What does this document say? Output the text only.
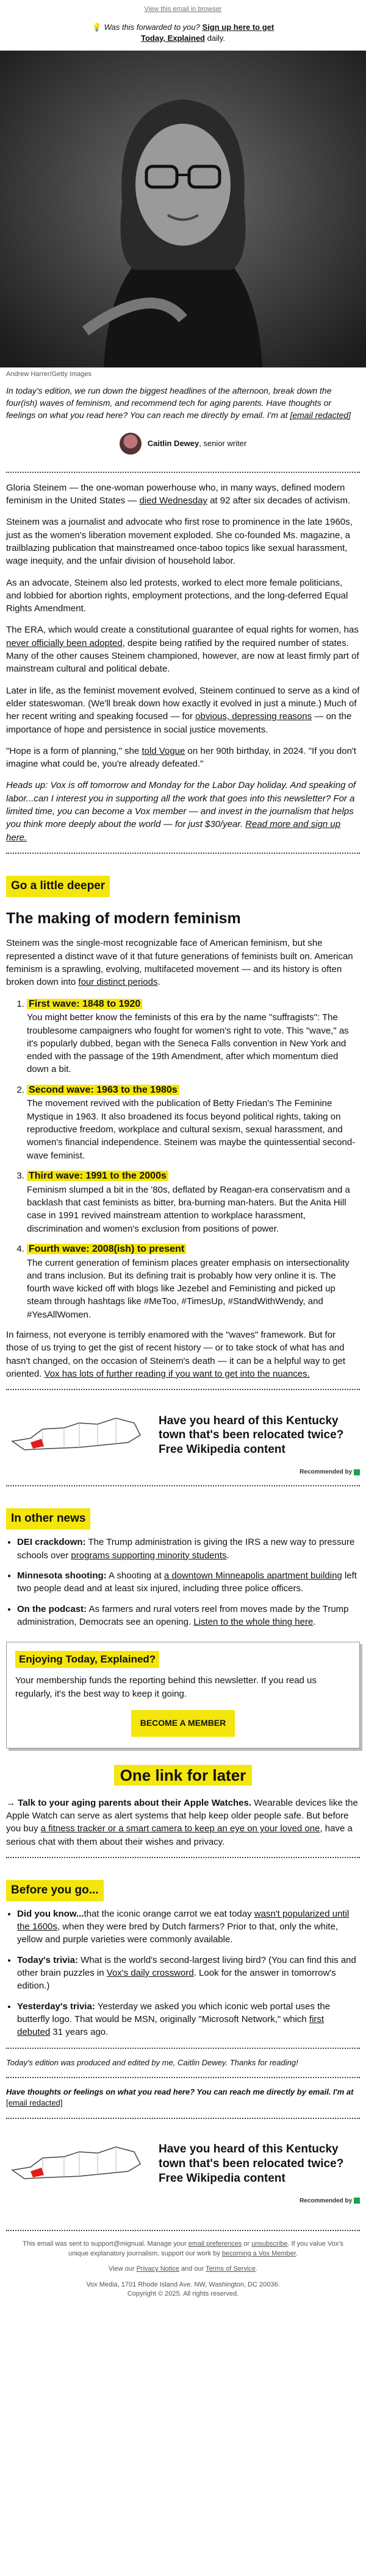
View this email in browser
💡 Was this forwarded to you? Sign up here to get Today, Explained daily.
Andrew Harrer/Getty Images
In today's edition, we run down the biggest headlines of the afternoon, break down the four(ish) waves of feminism, and recommend tech for aging parents. Have thoughts or feelings on what you read here? You can reach me directly by email. I'm at [email redacted]
Caitlin Dewey, senior writer

Gloria Steinem — the one-woman powerhouse who, in many ways, defined modern feminism in the United States — died Wednesday at 92 after six decades of activism.

Steinem was a journalist and advocate who first rose to prominence in the late 1960s, just as the women's liberation movement exploded. She co-founded Ms. magazine, a trailblazing publication that mainstreamed once-taboo topics like sexual harassment, wage inequity, and the unfair division of household labor.

As an advocate, Steinem also led protests, worked to elect more female politicians, and lobbied for abortion rights, employment protections, and the long-deferred Equal Rights Amendment.

The ERA, which would create a constitutional guarantee of equal rights for women, has never officially been adopted, despite being ratified by the required number of states. Many of the other causes Steinem championed, however, are now at least firmly part of mainstream cultural and political debate.

Later in life, as the feminist movement evolved, Steinem continued to serve as a kind of elder stateswoman. (We'll break down how exactly it evolved in just a minute.) Much of her recent writing and speaking focused — for obvious, depressing reasons — on the importance of hope and persistence in social justice movements.

"Hope is a form of planning," she told Vogue on her 90th birthday, in 2024. "If you don't imagine what could be, you're already defeated."

Heads up: Vox is off tomorrow and Monday for the Labor Day holiday. And speaking of labor...can I interest you in supporting all the work that goes into this newsletter? For a limited time, you can become a Vox member — and invest in the journalism that helps you think more deeply about the world — for just $30/year. Read more and sign up here.

Go a little deeper
The making of modern feminism

Steinem was the single-most recognizable face of American feminism, but she represented a distinct wave of it that future generations of feminists built on. American feminism is a sprawling, evolving, multifaceted movement — and its history is often broken down into four distinct periods.

1. First wave: 1848 to 1920
You might better know the feminists of this era by the name "suffragists": The troublesome campaigners who fought for women's right to vote. This "wave," as it's popularly dubbed, began with the Seneca Falls convention in New York and ended with the passage of the 19th Amendment, after which momentum died down a bit.
2. Second wave: 1963 to the 1980s
The movement revived with the publication of Betty Friedan's The Feminine Mystique in 1963. It also broadened its focus beyond political rights, taking on reproductive freedom, workplace and cultural sexism, sexual harassment, and women's financial independence. Steinem was maybe the quintessential second-wave feminist.
3. Third wave: 1991 to the 2000s
Feminism slumped a bit in the '80s, deflated by Reagan-era conservatism and a backlash that cast feminists as bitter, bra-burning man-haters. But the Anita Hill case in 1991 revived mainstream attention to workplace harassment, discrimination and women's exclusion from positions of power.
4. Fourth wave: 2008(ish) to present
The current generation of feminism places greater emphasis on intersectionality and trans inclusion. But its defining trait is probably how very online it is. The fourth wave kicked off with blogs like Jezebel and Feministing and picked up steam through hashtags like #MeToo, #TimesUp, #StandWithWendy, and #YesAllWomen.

In fairness, not everyone is terribly enamored with the "waves" framework. But for those of us trying to get the gist of recent history — or to take stock of what has and hasn't changed, on the occasion of Steinem's death — it can be a helpful way to get oriented. Vox has lots of further reading if you want to get into the nuances.

Have you heard of this Kentucky town that's been relocated twice? Free Wikipedia content
Recommended by
In other news
• DEI crackdown: The Trump administration is giving the IRS a new way to pressure schools over programs supporting minority students.
• Minnesota shooting: A shooting at a downtown Minneapolis apartment building left two people dead and at least six injured, including three police officers.
• On the podcast: As farmers and rural voters reel from moves made by the Trump administration, Democrats see an opening. Listen to the whole thing here.
Enjoying Today, Explained?

Your membership funds the reporting behind this newsletter. If you read us regularly, it's the best way to keep it going.

BECOME A MEMBER
One link for later

→ Talk to your aging parents about their Apple Watches. Wearable devices like the Apple Watch can serve as alert systems that help keep older people safe. But before you buy a fitness tracker or a smart camera to keep an eye on your loved one, have a serious chat with them about their wishes and privacy.

Before you go...
• Did you know...that the iconic orange carrot we eat today wasn't popularized until the 1600s, when they were bred by Dutch farmers? Prior to that, only the white, yellow and purple varieties were commonly available.
• Today's trivia: What is the world's second-largest living bird? (You can find this and other brain puzzles in Vox's daily crossword. Look for the answer in tomorrow's edition.)
• Yesterday's trivia: Yesterday we asked you which iconic web portal uses the butterfly logo. That would be MSN, originally "Microsoft Network," which first debuted 31 years ago.

Today's edition was produced and edited by me, Caitlin Dewey. Thanks for reading!

Have thoughts or feelings on what you read here? You can reach me directly by email. I'm at [email redacted]

Have you heard of this Kentucky town that's been relocated twice? Free Wikipedia content
Recommended by

This email was sent to support@mignual. Manage your email preferences or unsubscribe. If you value Vox's unique explanatory journalism, support our work by becoming a Vox Member.

View our Privacy Notice and our Terms of Service.

Vox Media, 1701 Rhode Island Ave. NW, Washington, DC 20036.

Copyright © 2025. All rights reserved.
